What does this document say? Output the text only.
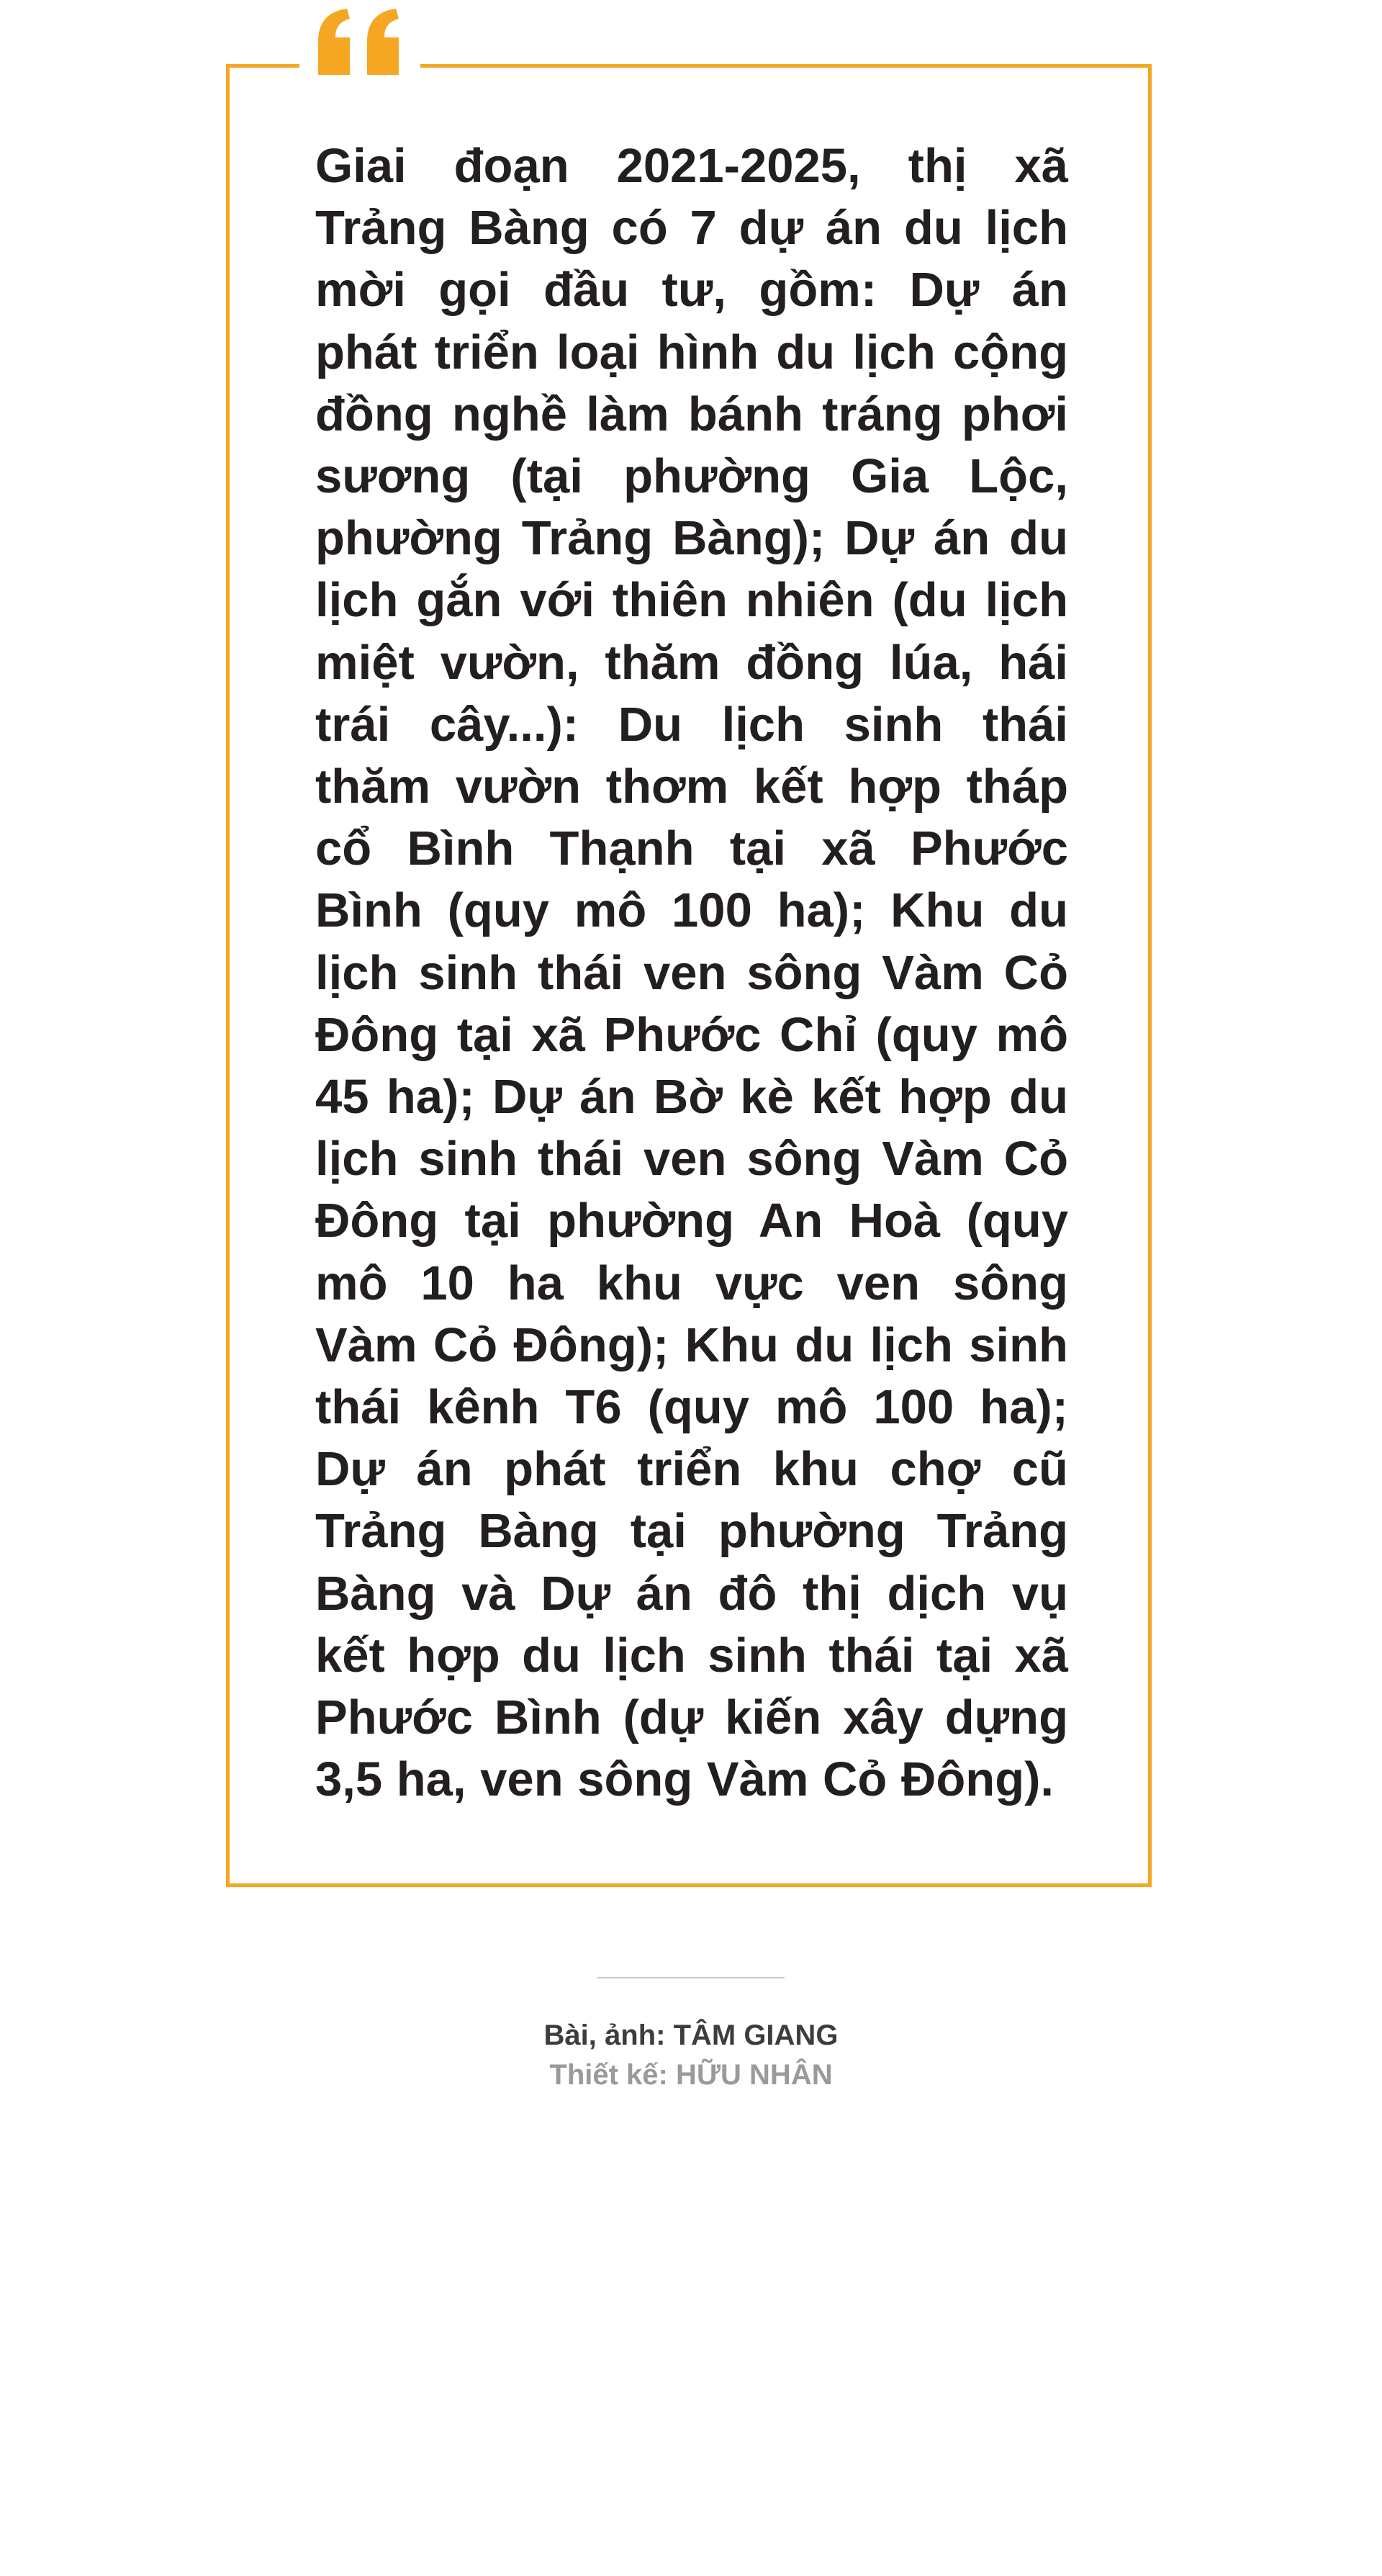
Giai đoạn 2021-2025, thị xã Trảng Bàng có 7 dự án du lịch mời gọi đầu tư, gồm: Dự án phát triển loại hình du lịch cộng đồng nghề làm bánh tráng phơi sương (tại phường Gia Lộc, phường Trảng Bàng); Dự án du lịch gắn với thiên nhiên (du lịch miệt vườn, thăm đồng lúa, hái trái cây...): Du lịch sinh thái thăm vườn thơm kết hợp tháp cổ Bình Thạnh tại xã Phước Bình (quy mô 100 ha); Khu du lịch sinh thái ven sông Vàm Cỏ Đông tại xã Phước Chỉ (quy mô 45 ha); Dự án Bờ kè kết hợp du lịch sinh thái ven sông Vàm Cỏ Đông tại phường An Hoà (quy mô 10 ha khu vực ven sông Vàm Cỏ Đông); Khu du lịch sinh thái kênh T6 (quy mô 100 ha); Dự án phát triển khu chợ cũ Trảng Bàng tại phường Trảng Bàng và Dự án đô thị dịch vụ kết hợp du lịch sinh thái tại xã Phước Bình (dự kiến xây dựng 3,5 ha, ven sông Vàm Cỏ Đông).

Bài, ảnh: TÂM GIANG
Thiết kế: HỮU NHÂN
